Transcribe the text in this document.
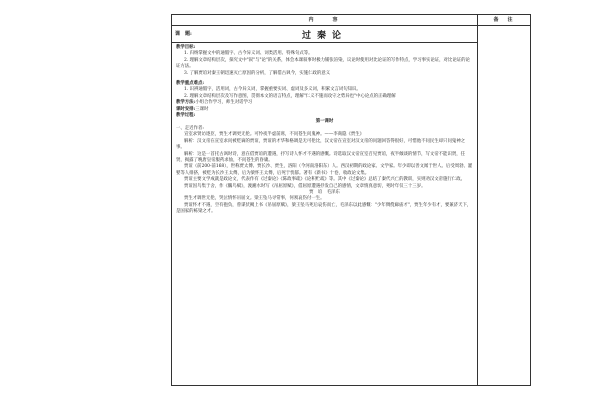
内　　容
课　题:	过秦论

教学目标:

1. 归纳掌握文中的通假字、古今异义词、词类活用、特殊句式等。

2. 理解文章结构层次，探究文中"叙"与"论"的关系，体会本课叙事时极力铺张渲染，议论时使用对比论证的写作特点，学习事实论证，对比论证的论证方法。

3. 了解贾谊对秦王朝迅速灭亡原因的分析，了解借古讽今，实施仁政的意义

教学重点难点:

1. 识辨通假字，活用词，古今异义词，掌握重要实词、虚词及多义词，积累文言词句知识。

2. 理解文章结构层次及写作意图，贯彻本文的语言特点，理解"仁义不施而攻守之势异也"中心论点的正确理解

教学方法:小组合作学习，师生对话学习

课时安排:三课时

教学过程:

第一课时

一、走近作者:

宣室求贤访逐臣，贾生才调更无伦。可怜夜半虚前席，不问苍生问鬼神。——李商隐《贾生》

解析：汉文帝在宣室求问被贬谪的贾谊，贾谊的才华和格调是无可伦比，汉文帝在宣室对汉文帝的问题回答得很好，可惜他不问民生却只问鬼神之事。

解析：这是一首托古讽时诗，意在借贾谊的遭遇，抒写诗人怀才不遇的感慨。诗选取汉文帝宣室召见贾谊，夜半倾谈的情节，写文帝不能识贤，任贤，揭露了晚唐皇帝服药求仙，不问苍生的昏庸。

贾谊（前200-前168），世称贾太傅、贾长沙、贾生，洛阳（今河南洛阳东）人。西汉初期的政论家、文学家。年少即以善文闻于世人。后受周勃、灌婴等人排挤，被贬为长沙王太傅，后为梁怀王太傅，后死于忧郁。著有《新书》十卷，收政论文集。

贾谊主要文学成就是政论文，代表作有《过秦论》《陈政事疏》《论积贮疏》等。其中《过秦论》总结了秦代兴亡的教训，实则劝汉文帝施行仁政。

贾谊因鸟集于舍，作《鵩鸟赋》，渡湘水时写《吊屈原赋》，借屈原遭遇抒发自己的感情，文章情真意切，死时年仅三十三岁。

贾　谊　毛泽东

贾生才调世无伦，哭泣情怀吊屈文。梁王坠马寻常事，何须哀伤付一生。

贾谊怀才不遇，空有抱负，曾谋伏阙上书《吊屈原赋》，梁王坠马死后哀伤而亡，毛泽东以此感慨："少年倜傥廊庙才"，贾生年少有才，要兼济天下，是国家的栋梁之才。

备　注
